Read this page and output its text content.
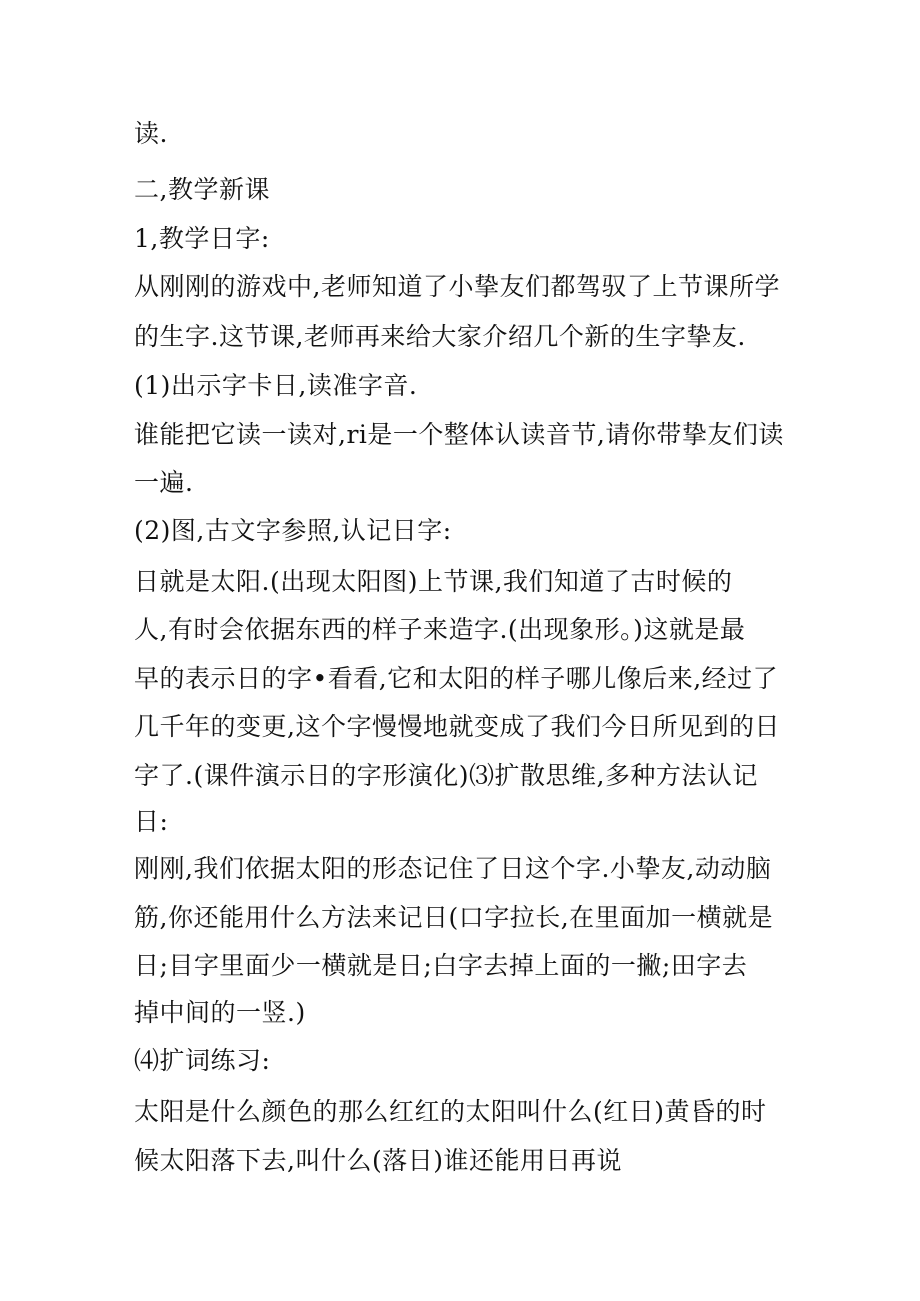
读.
二,教学新课
1,教学日字:
从刚刚的游戏中,老师知道了小挚友们都驾驭了上节课所学
的生字.这节课,老师再来给大家介绍几个新的生字挚友.
(1)出示字卡日,读准字音.
谁能把它读一读对,ri是一个整体认读音节,请你带挚友们读
一遍.
(2)图,古文字参照,认记日字:
日就是太阳.(出现太阳图)上节课,我们知道了古时候的
人,有时会依据东西的样子来造字.(出现象形。)这就是最
早的表示日的字•看看,它和太阳的样子哪儿像后来,经过了
几千年的变更,这个字慢慢地就变成了我们今日所见到的日
字了.(课件演示日的字形演化)⑶扩散思维,多种方法认记
日:
刚刚,我们依据太阳的形态记住了日这个字.小挚友,动动脑
筋,你还能用什么方法来记日(口字拉长,在里面加一横就是
日;目字里面少一横就是日;白字去掉上面的一撇;田字去
掉中间的一竖.)
⑷扩词练习:
太阳是什么颜色的那么红红的太阳叫什么(红日)黄昏的时
候太阳落下去,叫什么(落日)谁还能用日再说
